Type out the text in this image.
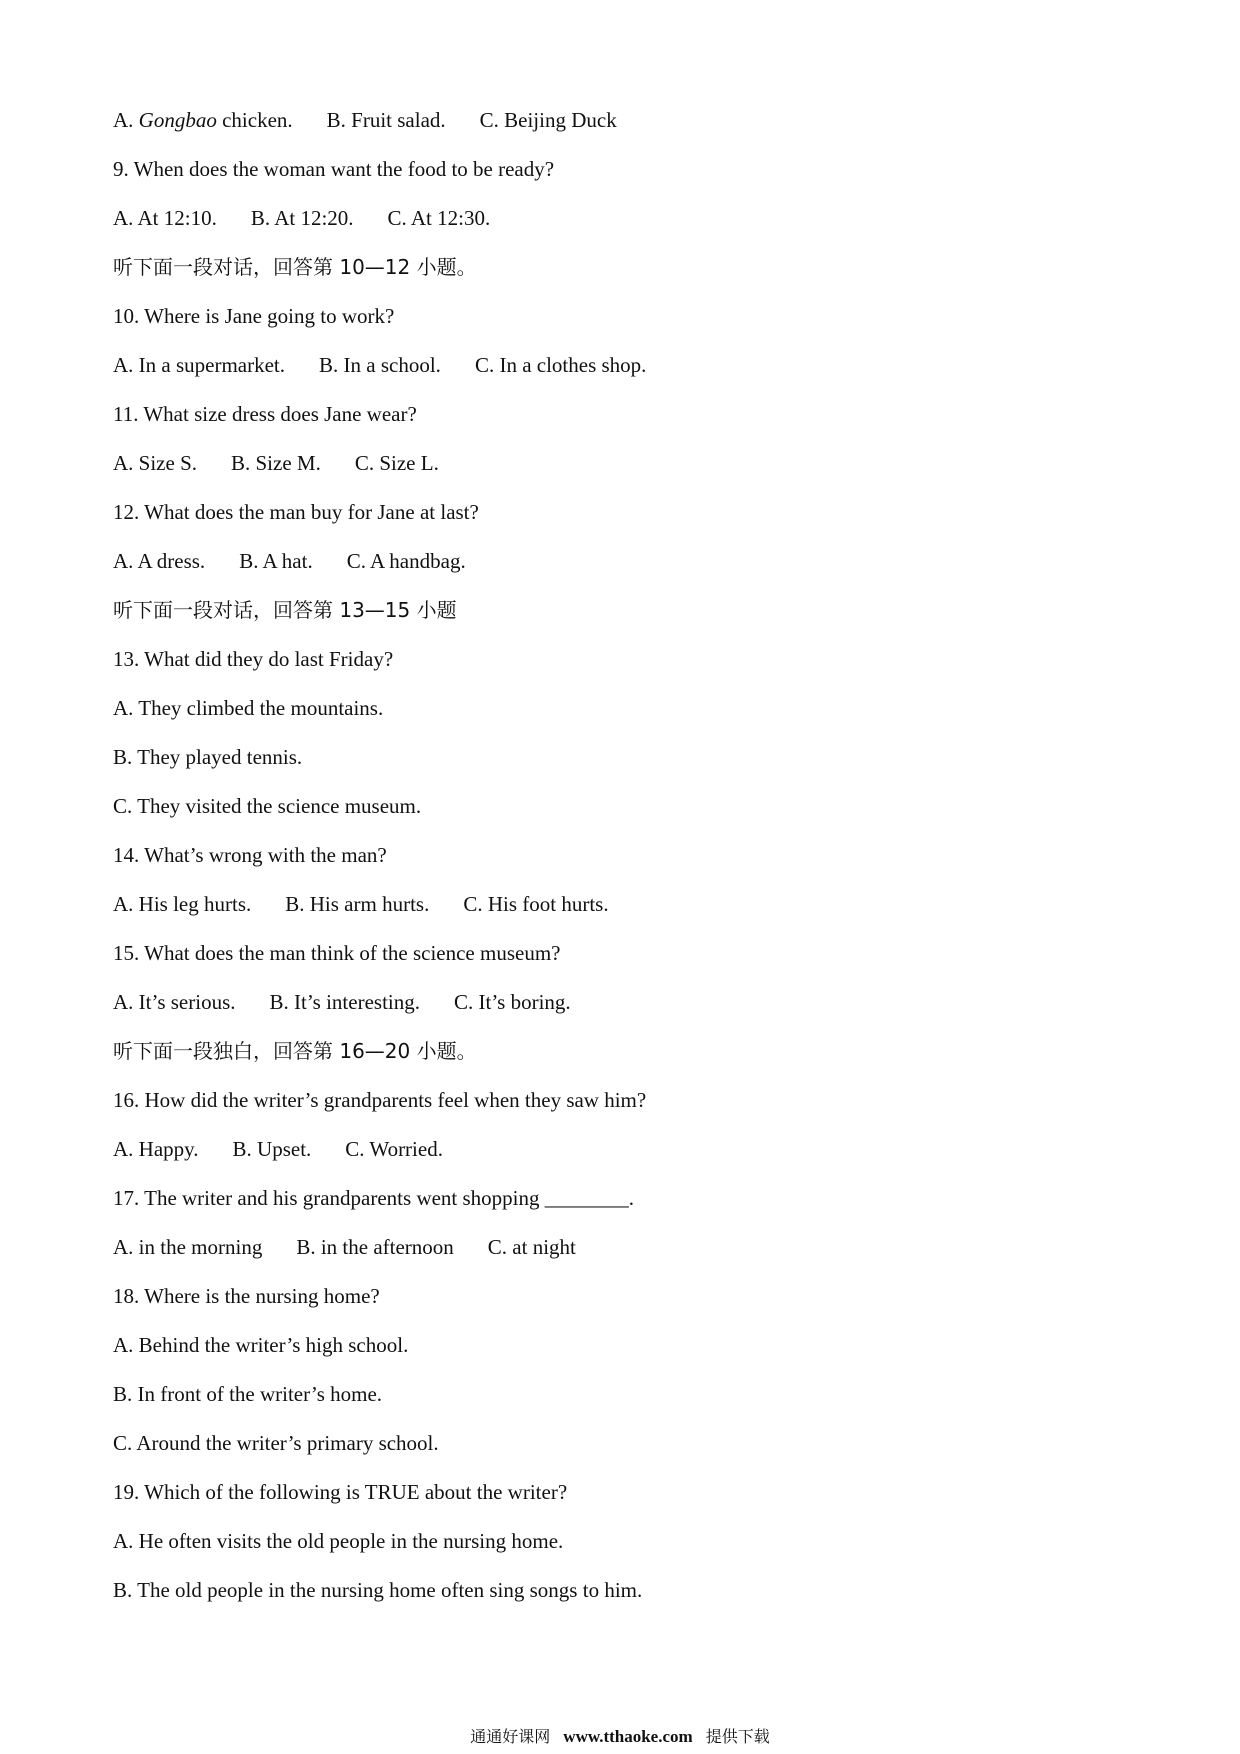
A. Gongbao chicken. B. Fruit salad. C. Beijing Duck
9. When does the woman want the food to be ready?
A. At 12:10. B. At 12:20. C. At 12:30.
听下面一段对话，回答第 10—12 小题。
10. Where is Jane going to work?
A. In a supermarket. B. In a school. C. In a clothes shop.
11. What size dress does Jane wear?
A. Size S. B. Size M. C. Size L.
12. What does the man buy for Jane at last?
A. A dress. B. A hat. C. A handbag.
听下面一段对话，回答第 13—15 小题
13. What did they do last Friday?
A. They climbed the mountains.
B. They played tennis.
C. They visited the science museum.
14. What’s wrong with the man?
A. His leg hurts. B. His arm hurts. C. His foot hurts.
15. What does the man think of the science museum?
A. It’s serious. B. It’s interesting. C. It’s boring.
听下面一段独白，回答第 16—20 小题。
16. How did the writer’s grandparents feel when they saw him?
A. Happy. B. Upset. C. Worried.
17. The writer and his grandparents went shopping ________.
A. in the morning B. in the afternoon C. at night
18. Where is the nursing home?
A. Behind the writer’s high school.
B. In front of the writer’s home.
C. Around the writer’s primary school.
19. Which of the following is TRUE about the writer?
A. He often visits the old people in the nursing home.
B. The old people in the nursing home often sing songs to him.
通通好课网 www.tthaoke.com 提供下载
